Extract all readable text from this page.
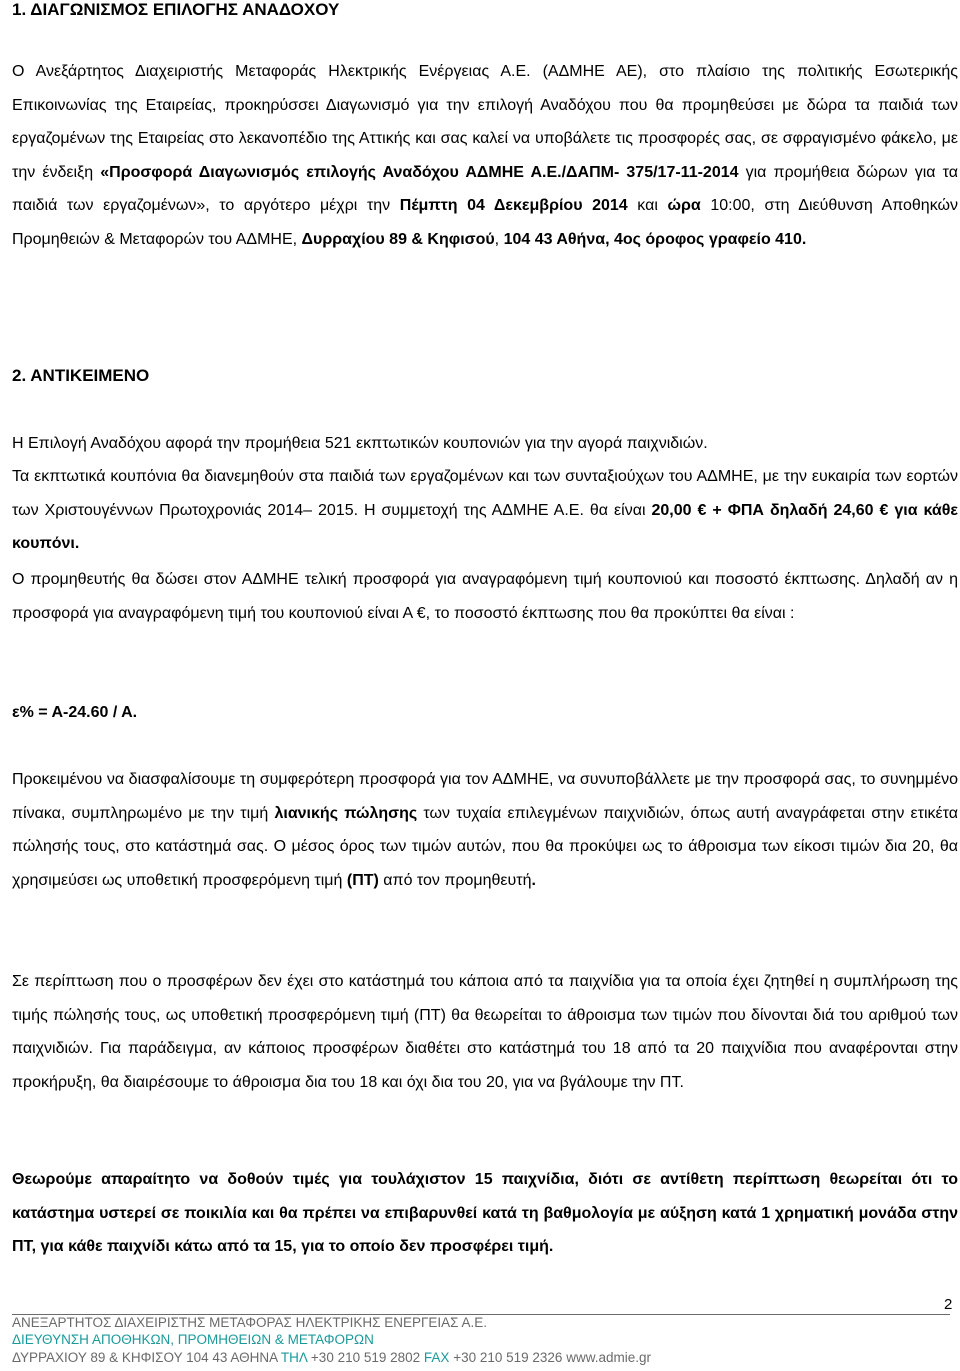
1. ΔΙΑΓΩΝΙΣΜΟΣ ΕΠΙΛΟΓΗΣ ΑΝΑΔΟΧΟΥ
Ο Ανεξάρτητος Διαχειριστής Μεταφοράς Ηλεκτρικής Ενέργειας Α.Ε. (ΑΔΜΗΕ ΑΕ), στο πλαίσιο της πολιτικής Εσωτερικής Επικοινωνίας της Εταιρείας, προκηρύσσει Διαγωνισμό για την επιλογή Αναδόχου που θα προμηθεύσει με δώρα τα παιδιά των εργαζομένων της Εταιρείας στο λεκανοπέδιο της Αττικής και σας καλεί να υποβάλετε τις προσφορές σας, σε σφραγισμένο φάκελο, με την ένδειξη «Προσφορά Διαγωνισμός επιλογής Αναδόχου ΑΔΜΗΕ Α.Ε./ΔΑΠΜ- 375/17-11-2014 για προμήθεια δώρων για τα παιδιά των εργαζομένων», το αργότερο μέχρι την Πέμπτη 04 Δεκεμβρίου 2014 και ώρα 10:00, στη Διεύθυνση Αποθηκών Προμηθειών & Μεταφορών του ΑΔΜΗΕ, Δυρραχίου 89 & Κηφισού, 104 43 Αθήνα, 4ος όροφος γραφείο 410.
2. ΑΝΤΙΚΕΙΜΕΝΟ
Η Επιλογή Αναδόχου αφορά την προμήθεια 521 εκπτωτικών κουπονιών για την αγορά παιχνιδιών.
Τα εκπτωτικά κουπόνια θα διανεμηθούν στα παιδιά των εργαζομένων και των συνταξιούχων του ΑΔΜΗΕ, με την ευκαιρία των εορτών των Χριστουγέννων Πρωτοχρονιάς 2014– 2015. Η συμμετοχή της ΑΔΜΗΕ Α.Ε. θα είναι 20,00 € + ΦΠΑ δηλαδή 24,60 € για κάθε κουπόνι.
Ο προμηθευτής θα δώσει στον ΑΔΜΗΕ τελική προσφορά για αναγραφόμενη τιμή κουπονιού και ποσοστό έκπτωσης. Δηλαδή αν η προσφορά για αναγραφόμενη τιμή του κουπονιού είναι Α €, το ποσοστό έκπτωσης που θα προκύπτει θα είναι :
ε% = Α-24.60 / Α.
Προκειμένου να διασφαλίσουμε τη συμφερότερη προσφορά για τον ΑΔΜΗΕ, να συνυποβάλλετε με την προσφορά σας, το συνημμένο πίνακα, συμπληρωμένο με την τιμή λιανικής πώλησης των τυχαία επιλεγμένων παιχνιδιών, όπως αυτή αναγράφεται στην ετικέτα πώλησής τους, στο κατάστημά σας. Ο μέσος όρος των τιμών αυτών, που θα προκύψει ως το άθροισμα των είκοσι τιμών δια 20, θα χρησιμεύσει ως υποθετική προσφερόμενη τιμή (ΠΤ) από τον προμηθευτή.
Σε περίπτωση που ο προσφέρων δεν έχει στο κατάστημά του κάποια από τα παιχνίδια για τα οποία έχει ζητηθεί η συμπλήρωση της τιμής πώλησής τους, ως υποθετική προσφερόμενη τιμή (ΠΤ) θα θεωρείται το άθροισμα των τιμών που δίνονται διά του αριθμού των παιχνιδιών. Για παράδειγμα, αν κάποιος προσφέρων διαθέτει στο κατάστημά του 18 από τα 20 παιχνίδια που αναφέρονται στην προκήρυξη, θα διαιρέσουμε το άθροισμα δια του 18 και όχι δια του 20, για να βγάλουμε την ΠΤ.
Θεωρούμε απαραίτητο να δοθούν τιμές για τουλάχιστον 15 παιχνίδια, διότι σε αντίθετη περίπτωση θεωρείται ότι το κατάστημα υστερεί σε ποικιλία και θα πρέπει να επιβαρυνθεί κατά τη βαθμολογία με αύξηση κατά 1 χρηματική μονάδα στην ΠΤ, για κάθε παιχνίδι κάτω από τα 15, για το οποίο δεν προσφέρει τιμή.
2
ΑΝΕΞΑΡΤΗΤΟΣ ΔΙΑΧΕΙΡΙΣΤΗΣ ΜΕΤΑΦΟΡΑΣ ΗΛΕΚΤΡΙΚΗΣ ΕΝΕΡΓΕΙΑΣ Α.Ε.
ΔΙΕΥΘΥΝΣΗ ΑΠΟΘΗΚΩΝ, ΠΡΟΜΗΘΕΙΩΝ & ΜΕΤΑΦΟΡΩΝ
ΔΥΡΡΑΧΙΟΥ 89 & ΚΗΦΙΣΟΥ 104 43 ΑΘΗΝΑ ΤΗΛ +30 210 519 2802 FAX +30 210 519 2326 www.admie.gr
